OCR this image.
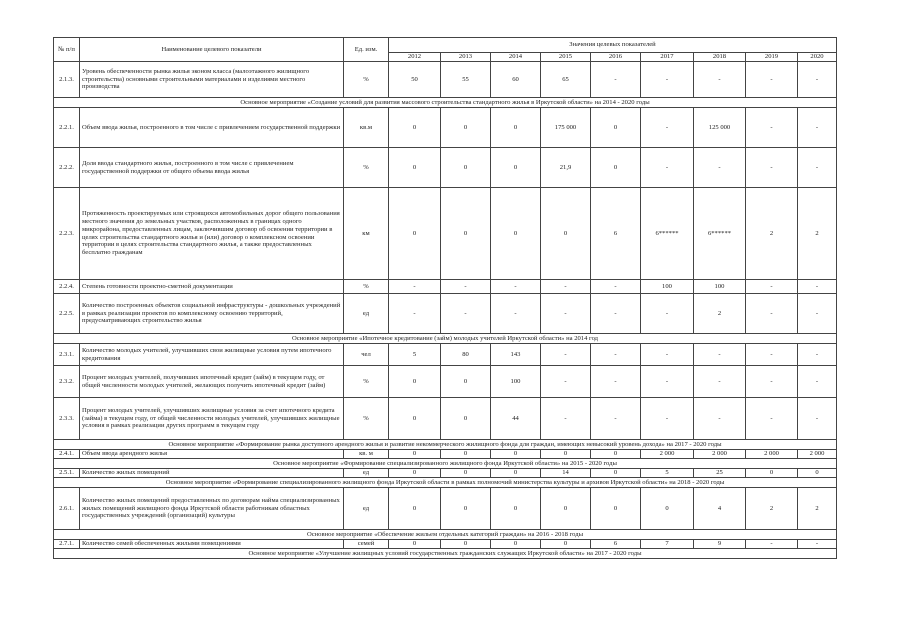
№ п/п	Наименование целевого показатели	Ед. изм.	Значения целевых показателей								
			2012	2013	2014	2015	2016	2017	2018	2019	2020
2.1.3.	Уровень обеспеченности рынка жилья эконом класса (малоэтажного жилищного строительства) основными строительными материалами и изделиями местного производства	%	50	55	60	65	-	-	-	-	-
Основное мероприятие «Создание условий для развития массового строительства стандартного жилья в Иркутской области» на 2014 - 2020 годы											
2.2.1.	Объем ввода жилья, построенного в том числе с привлечением государственной поддержки	кв.м	0	0	0	175 000	0	-	125 000	-	-
2.2.2.	Доля ввода стандартного жилья, построенного в том числе с привлечением государственной поддержки от общего объема ввода жилья	%	0	0	0	21,9	0	-	-	-	-
2.2.3.	Протяженность проектируемых или строящихся автомобильных дорог общего пользования местного значения до земельных участков, расположенных в границах одного микрорайона, предоставленных лицам, заключившим договор об освоении территории в целях строительства стандартного жилья и (или) договор о комплексном освоении территории в целях строительства стандартного жилья, а также предоставленных бесплатно гражданам	км	0	0	0	0	6	6******	6******	2	2
2.2.4.	Степень готовности проектно-сметной документации	%	-	-	-	-	-	100	100	-	-
2.2.5.	Количество построенных объектов социальной инфраструктуры - дошкольных учреждений в рамках реализации проектов по комплексному освоению территорий, предусматривающих строительство жилья	ед	-	-	-	-	-	-	2	-	-
Основное мероприятие «Ипотечное кредитование (займ) молодых учителей Иркутской области» на 2014 год											
2.3.1.	Количество молодых учителей, улучшивших свои жилищные условия путем ипотечного кредитования	чел	5	80	143	-	-	-	-	-	-
2.3.2.	Процент молодых учителей, получивших ипотечный кредит (займ) в текущем году, от общей численности молодых учителей, желающих получить ипотечный кредит (займ)	%	0	0	100	-	-	-	-	-	-
2.3.3.	Процент молодых учителей, улучшивших жилищные условия за счет ипотечного кредита (займа) в текущем году, от общей численности молодых учителей, улучшивших жилищные условия в рамках реализации других программ в текущем году	%	0	0	44	-	-	-	-	-	-
Основное мероприятие «Формирование рынка доступного арендного жилья и развитие некоммерческого жилищного фонда для граждан, имеющих невысокий уровень дохода» на 2017 - 2020 годы											
2.4.1.	Объем ввода арендного жилья	кв. м	0	0	0	0	0	2 000	2 000	2 000	2 000
Основное мероприятие «Формирование специализированного жилищного фонда Иркутской области» на 2015 - 2020 годы											
2.5.1.	Количество жилых помещений	ед	0	0	0	14	0	5	25	0	0
Основное мероприятие «Формирование специализированного жилищного фонда Иркутской области в рамках полномочий министерства культуры и архивов Иркутской области» на 2018 - 2020 годы											
2.6.1.	Количество жилых помещений предоставленных по договорам найма специализированных жилых помещений жилищного фонда Иркутской области работникам областных государственных учреждений (организаций) культуры	ед	0	0	0	0	0	0	4	2	2
Основное мероприятие «Обеспечение жильем отдельных категорий граждан» на 2016 - 2018 годы											
2.7.1.	Количество семей обеспеченных жилыми помещениями	семей	0	0	0	0	6	7	9	-	-
Основное мероприятие «Улучшение жилищных условий государственных гражданских служащих Иркутской области» на 2017 - 2020 годы											
